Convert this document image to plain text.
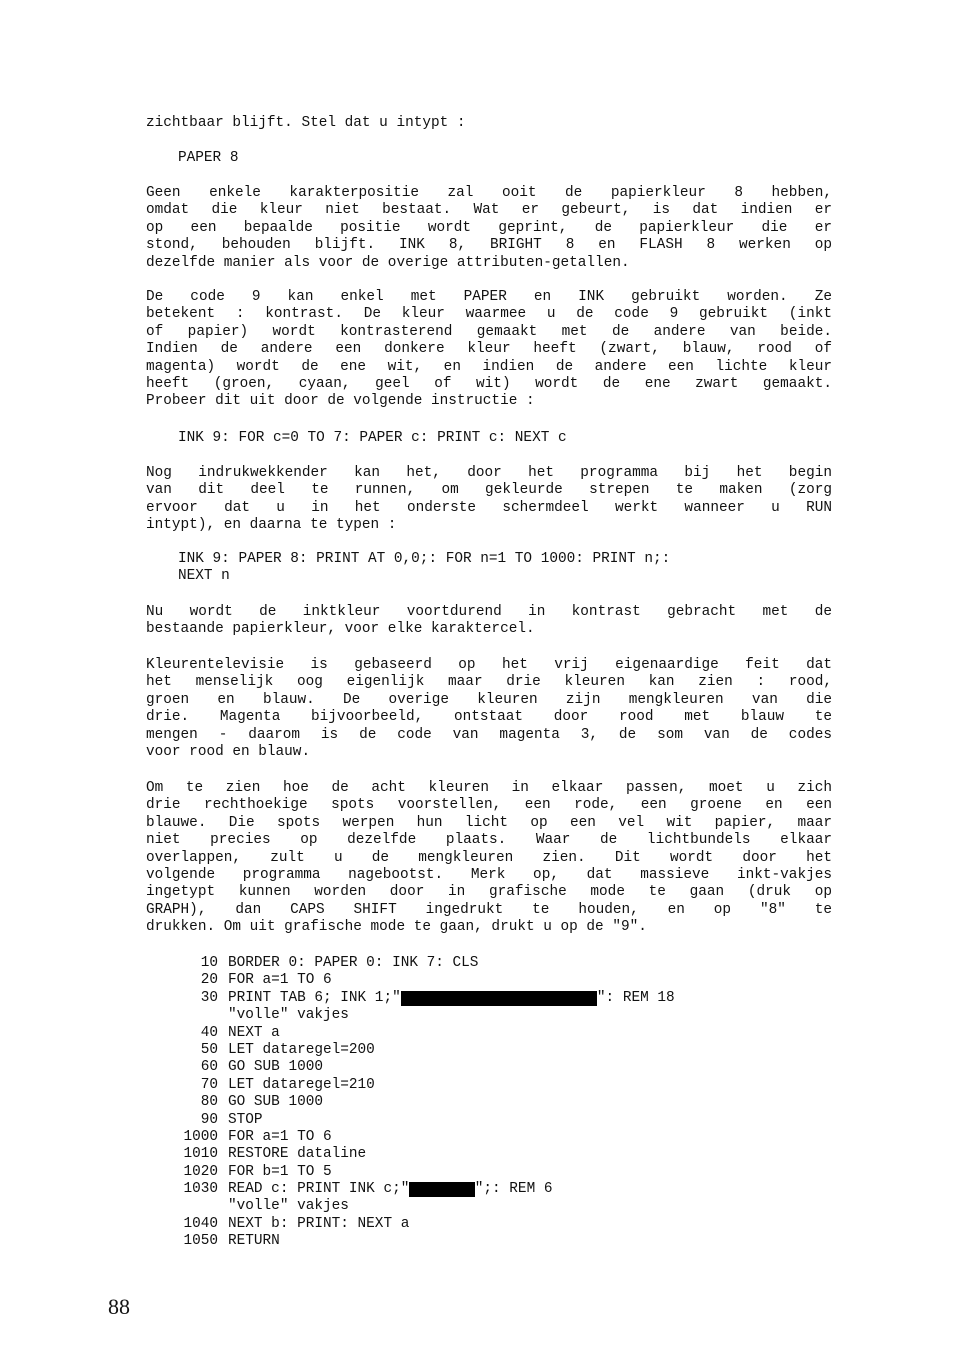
zichtbaar blijft. Stel dat u intypt :
PAPER 8
Geen enkele karakterpositie zal ooit de papierkleur 8 hebben,
omdat die kleur niet bestaat. Wat er gebeurt, is dat indien er
op een bepaalde positie wordt geprint, de papierkleur die er
stond, behouden blijft. INK 8, BRIGHT 8 en FLASH 8 werken op
dezelfde manier als voor de overige attributen-getallen.
De code 9 kan enkel met PAPER en INK gebruikt worden. Ze
betekent : kontrast. De kleur waarmee u de code 9 gebruikt (inkt
of papier) wordt kontrasterend gemaakt met de andere van beide.
Indien de andere een donkere kleur heeft (zwart, blauw, rood of
magenta) wordt de ene wit, en indien de andere een lichte kleur
heeft (groen, cyaan, geel of wit) wordt de ene zwart gemaakt.
Probeer dit uit door de volgende instructie :
INK 9: FOR c=0 TO 7: PAPER c: PRINT c: NEXT c
Nog indrukwekkender kan het, door het programma bij het begin
van dit deel te runnen, om gekleurde strepen te maken (zorg
ervoor dat u in het onderste schermdeel werkt wanneer u RUN
intypt), en daarna te typen :
INK 9: PAPER 8: PRINT AT 0,0;: FOR n=1 TO 1000: PRINT n;:
NEXT n
Nu wordt de inktkleur voortdurend in kontrast gebracht met de
bestaande papierkleur, voor elke karaktercel.
Kleurentelevisie is gebaseerd op het vrij eigenaardige feit dat
het menselijk oog eigenlijk maar drie kleuren kan zien : rood,
groen en blauw. De overige kleuren zijn mengkleuren van die
drie. Magenta bijvoorbeeld, ontstaat door rood met blauw te
mengen - daarom is de code van magenta 3, de som van de codes
voor rood en blauw.
Om te zien hoe de acht kleuren in elkaar passen, moet u zich
drie rechthoekige spots voorstellen, een rode, een groene en een
blauwe. Die spots werpen hun licht op een vel wit papier, maar
niet precies op dezelfde plaats. Waar de lichtbundels elkaar
overlappen, zult u de mengkleuren zien. Dit wordt door het
volgende programma nagebootst. Merk op, dat massieve inkt-vakjes
ingetypt kunnen worden door in grafische mode te gaan (druk op
GRAPH), dan CAPS SHIFT ingedrukt te houden, en op "8" te
drukken. Om uit grafische mode te gaan, drukt u op de "9".
10 BORDER 0: PAPER 0: INK 7: CLS
20 FOR a=1 TO 6
30 PRINT TAB 6; INK 1;"	": REM 18
"volle" vakjes
40 NEXT a
50 LET dataregel=200
60 GO SUB 1000
70 LET dataregel=210
80 GO SUB 1000
90 STOP
1000 FOR a=1 TO 6
1010 RESTORE dataline
1020 FOR b=1 TO 5
1030 READ c: PRINT INK c;"	";: REM 6
"volle" vakjes
1040 NEXT b: PRINT: NEXT a
1050 RETURN
88
